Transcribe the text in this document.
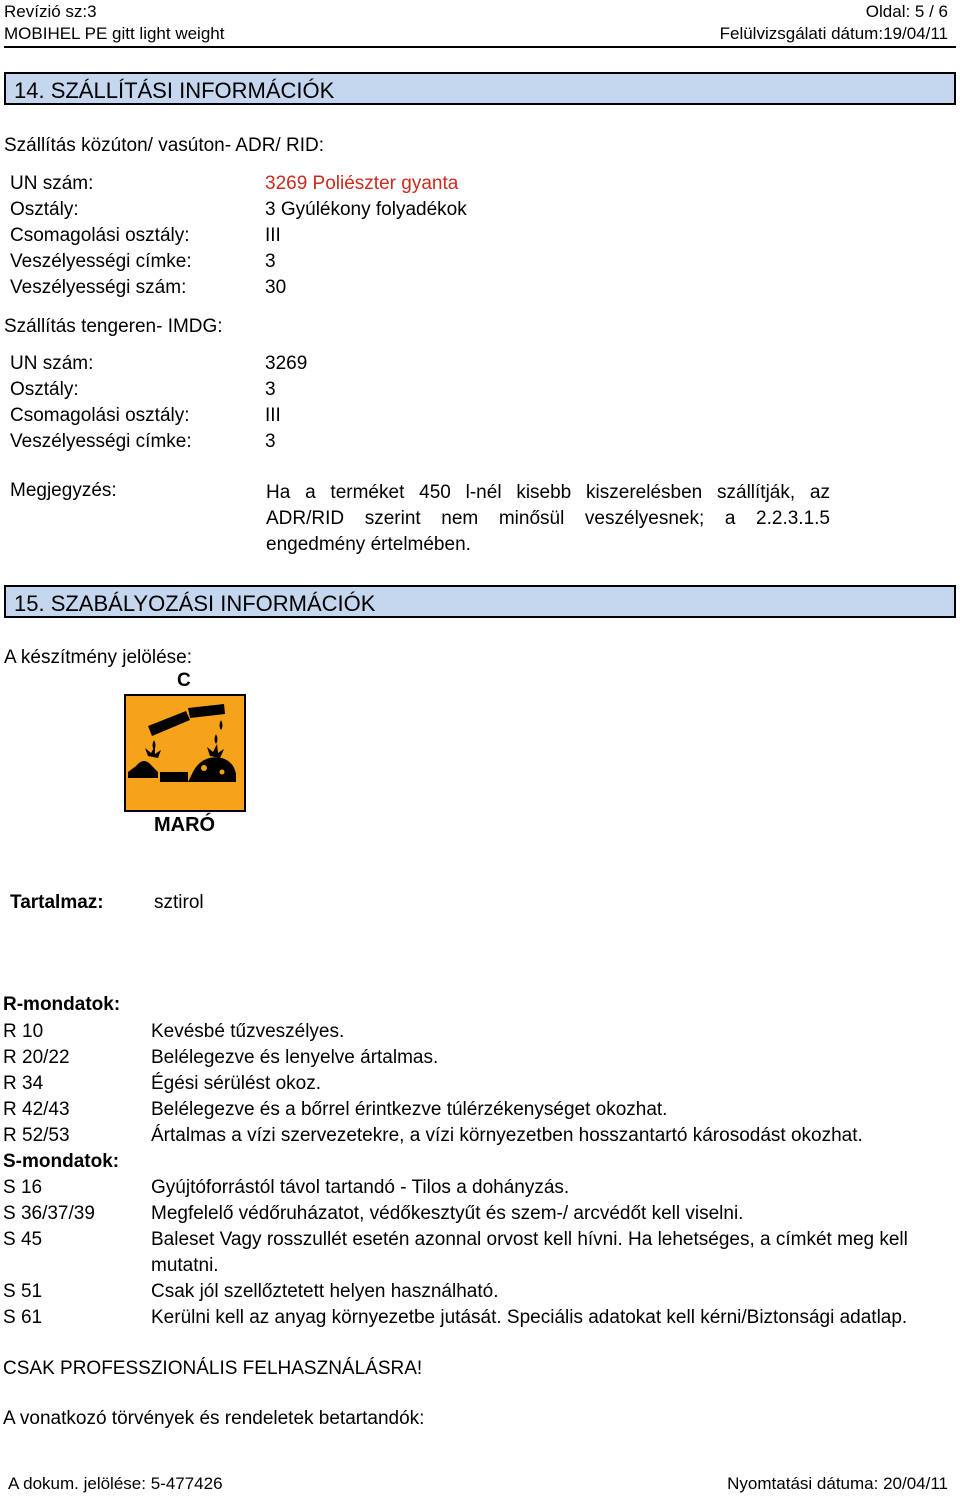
Revízió sz:3	Oldal: 5 / 6
MOBIHEL PE gitt light weight	Felülvizsgálati dátum:19/04/11
14. SZÁLLÍTÁSI INFORMÁCIÓK
Szállítás közúton/ vasúton- ADR/ RID:
UN szám:	3269 Poliészter gyanta
Osztály:	3 Gyúlékony folyadékok
Csomagolási osztály:	III
Veszélyességi címke:	3
Veszélyességi szám:	30
Szállítás tengeren- IMDG:
UN szám:	3269
Osztály:	3
Csomagolási osztály:	III
Veszélyességi címke:	3
Megjegyzés:	Ha a terméket 450 l-nél kisebb kiszerelésben szállítják, az ADR/RID szerint nem minősül veszélyesnek; a 2.2.3.1.5 engedmény értelmében.
15. SZABÁLYOZÁSI INFORMÁCIÓK
A készítmény jelölése:
C
MARÓ
Tartalmaz:	sztirol
R-mondatok:
R 10	Kevésbé tűzveszélyes.
R 20/22	Belélegezve és lenyelve ártalmas.
R 34	Égési sérülést okoz.
R 42/43	Belélegezve és a bőrrel érintkezve túlérzékenységet okozhat.
R 52/53	Ártalmas a vízi szervezetekre, a vízi környezetben hosszantartó károsodást okozhat.
S-mondatok:
S 16	Gyújtóforrástól távol tartandó - Tilos a dohányzás.
S 36/37/39	Megfelelő védőruházatot, védőkesztyűt és szem-/ arcvédőt kell viselni.
S 45	Baleset Vagy rosszullét esetén azonnal orvost kell hívni. Ha lehetséges, a címkét meg kell
mutatni.
S 51	Csak jól szellőztetett helyen használható.
S 61	Kerülni kell az anyag környezetbe jutását. Speciális adatokat kell kérni/Biztonsági adatlap.
CSAK PROFESSZIONÁLIS FELHASZNÁLÁSRA!
A vonatkozó törvények és rendeletek betartandók:
A dokum. jelölése: 5-477426	Nyomtatási dátuma: 20/04/11
